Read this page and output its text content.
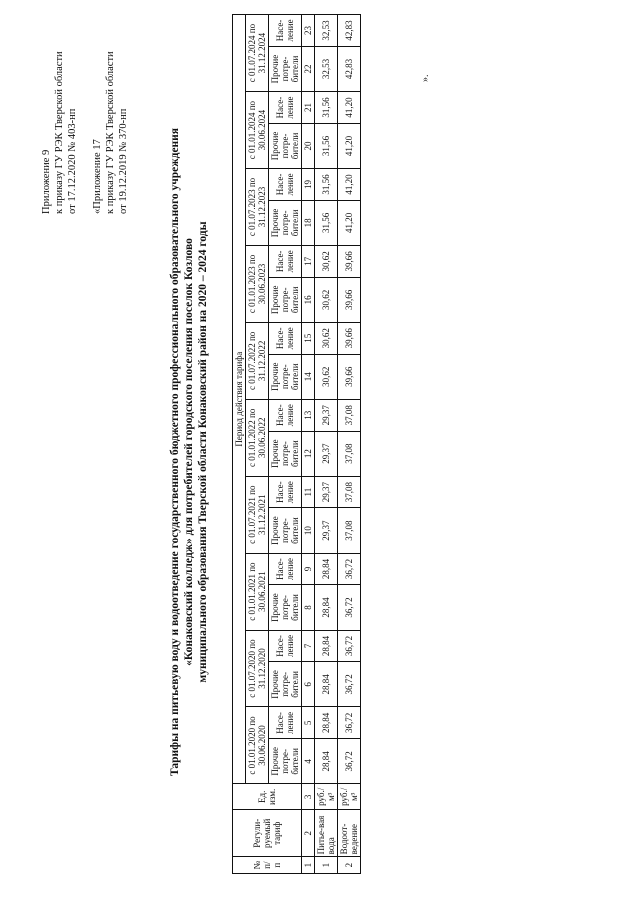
Приложение 9 к приказу ГУ РЭК Тверской области от 17.12.2020 № 403-нп «Приложение 17 к приказу ГУ РЭК Тверской области от 19.12.2019 № 370-нп	Тарифы на питьевую воду и водоотведение государственного бюджетного профессионального образовательного учреждения «Конаковский колледж» для потребителей городского поселения поселок Козлово муниципального образования Тверской области Конаковский район на 2020 – 2024 годы
№ п/п	Регули-руемый тариф	Ед. изм.	Период действия тарифа																			
			с 01.01.2020 по 30.06.2020		с 01.07.2020 по 31.12.2020		с 01.01.2021 по 30.06.2021		с 01.07.2021 по 31.12.2021		с 01.01.2022 по 30.06.2022		с 01.07.2022 по 31.12.2022		с 01.01.2023 по 30.06.2023		с 01.07.2023 по 31.12.2023		с 01.01.2024 по 30.06.2024		с 01.07.2024 по 31.12.2024	
			Прочие потре-бители	Насе-ление	Прочие потре-бители	Насе-ление	Прочие потре-бители	Насе-ление	Прочие потре-бители	Насе-ление	Прочие потре-бители	Насе-ление	Прочие потре-бители	Насе-ление	Прочие потре-бители	Насе-ление	Прочие потре-бители	Насе-ление	Прочие потре-бители	Насе-ление	Прочие потре-бители	Насе-ление
1	2	3	4	5	6	7	8	9	10	11	12	13	14	15	16	17	18	19	20	21	22	23
1	Питье-вая вода	руб./м³	28,84	28,84	28,84	28,84	28,84	28,84	29,37	29,37	29,37	29,37	30,62	30,62	30,62	30,62	31,56	31,56	31,56	31,56	32,53	32,53
2	Водоот-ведение	руб./м³	36,72	36,72	36,72	36,72	36,72	36,72	37,08	37,08	37,08	37,08	39,66	39,66	39,66	39,66	41,20	41,20	41,20	41,20	42,83	42,83
».
